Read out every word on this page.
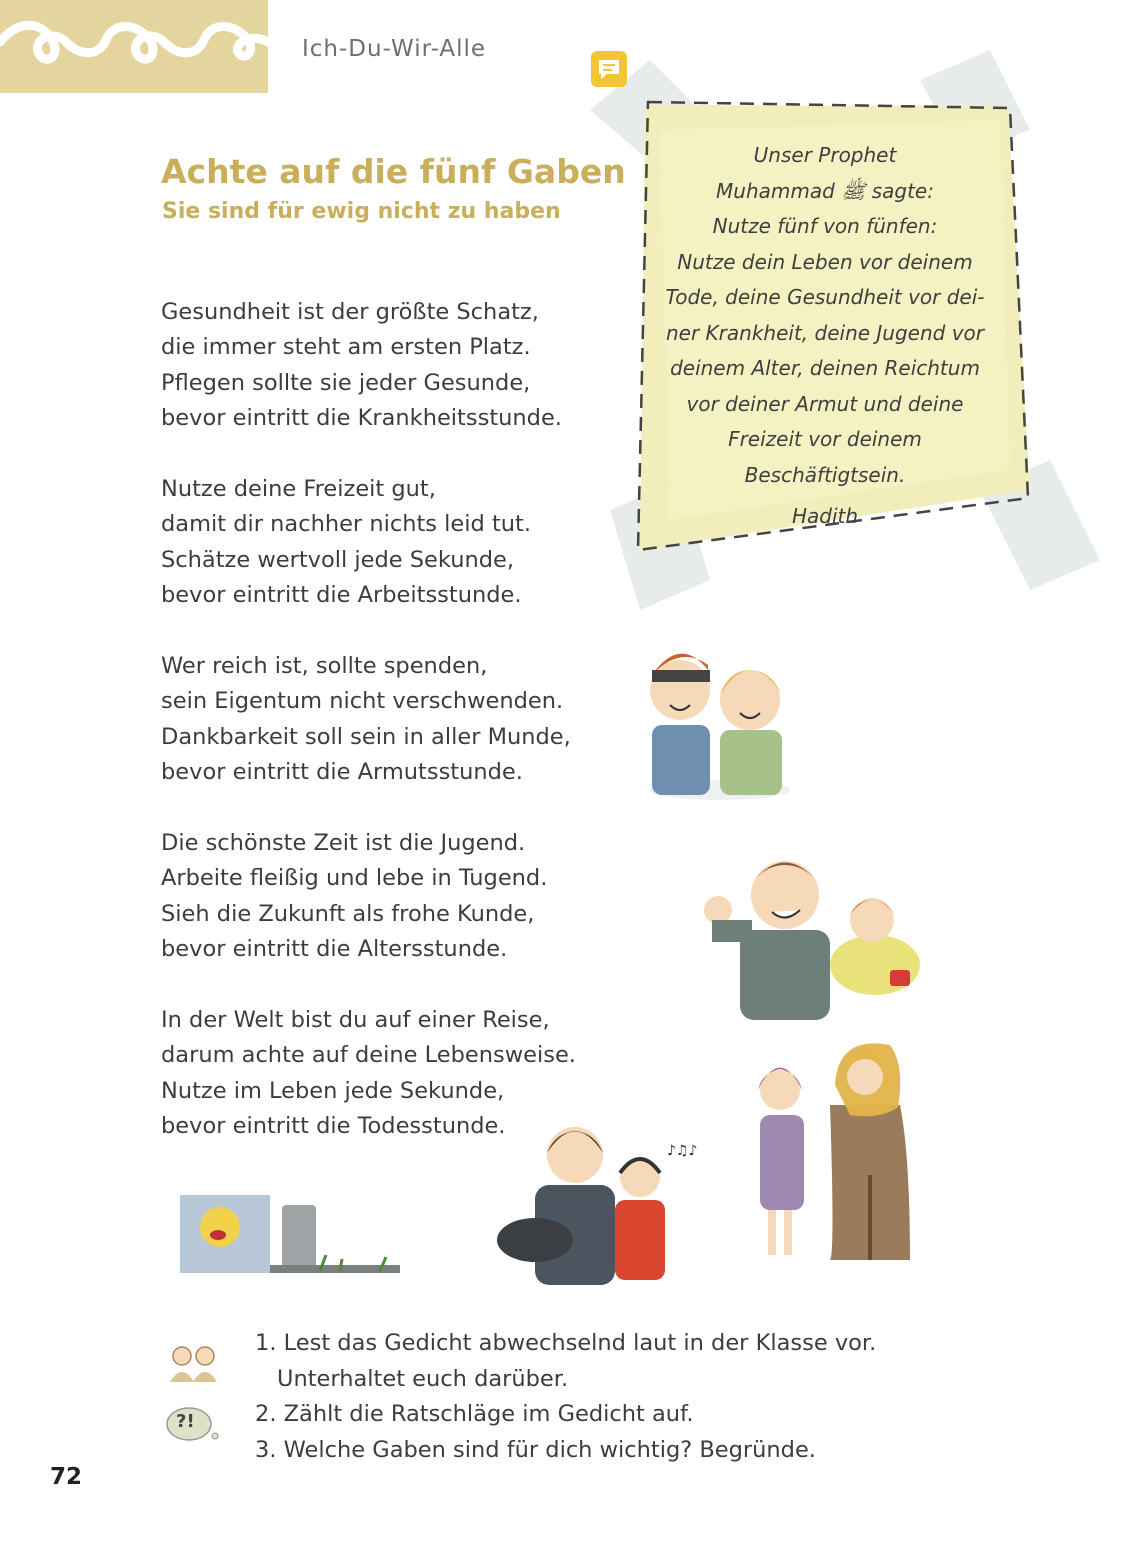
Ich-Du-Wir-Alle
Achte auf die fünf Gaben
Sie sind für ewig nicht zu haben
Gesundheit ist der größte Schatz,
die immer steht am ersten Platz.
Pflegen sollte sie jeder Gesunde,
bevor eintritt die Krankheitsstunde.
Nutze deine Freizeit gut,
damit dir nachher nichts leid tut.
Schätze wertvoll jede Sekunde,
bevor eintritt die Arbeitsstunde.
Wer reich ist, sollte spenden,
sein Eigentum nicht verschwenden.
Dankbarkeit soll sein in aller Munde,
bevor eintritt die Armutsstunde.
Die schönste Zeit ist die Jugend.
Arbeite fleißig und lebe in Tugend.
Sieh die Zukunft als frohe Kunde,
bevor eintritt die Altersstunde.
In der Welt bist du auf einer Reise,
darum achte auf deine Lebensweise.
Nutze im Leben jede Sekunde,
bevor eintritt die Todesstunde.
Unser Prophet
Muhammad ﷺ sagte:
Nutze fünf von fünfen:
Nutze dein Leben vor deinem
Tode, deine Gesundheit vor dei-
ner Krankheit, deine Jugend vor
deinem Alter, deinen Reichtum
vor deiner Armut und deine
Freizeit vor deinem
Beschäftigtsein.
Hadith
♪♫♪
?!
1. Lest das Gedicht abwechselnd laut in der Klasse vor.
Unterhaltet euch darüber.
2. Zählt die Ratschläge im Gedicht auf.
3. Welche Gaben sind für dich wichtig? Begründe.
72
